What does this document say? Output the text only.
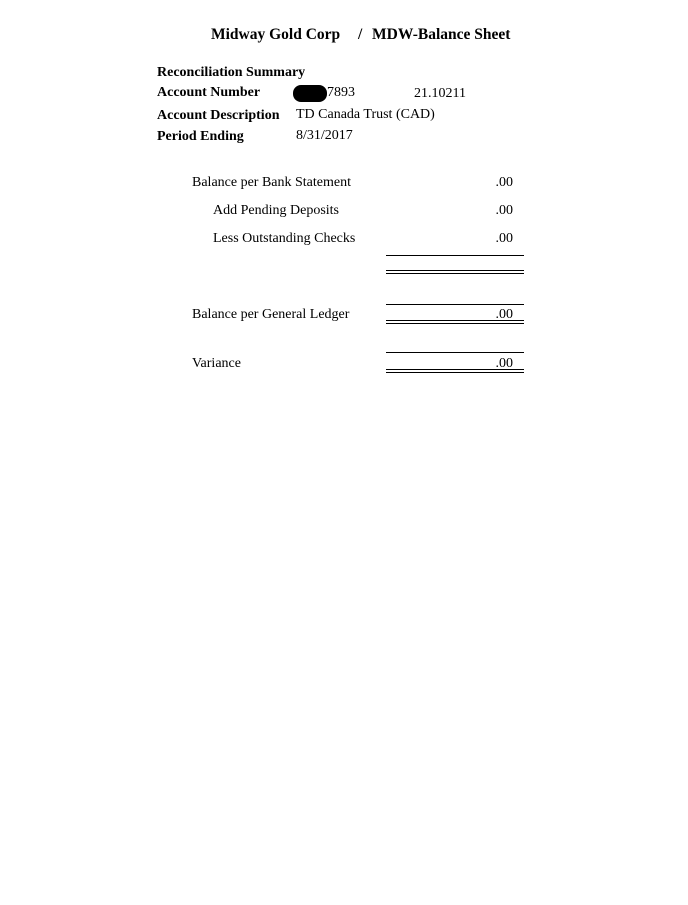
Midway Gold Corp / MDW-Balance Sheet
Reconciliation Summary
Account Number	7893	21.10211
Account Description TD Canada Trust (CAD)
Period Ending	8/31/2017
Balance per Bank Statement	.00
Add Pending Deposits	.00
Less Outstanding Checks	.00
Balance per General Ledger	.00
Variance	.00
